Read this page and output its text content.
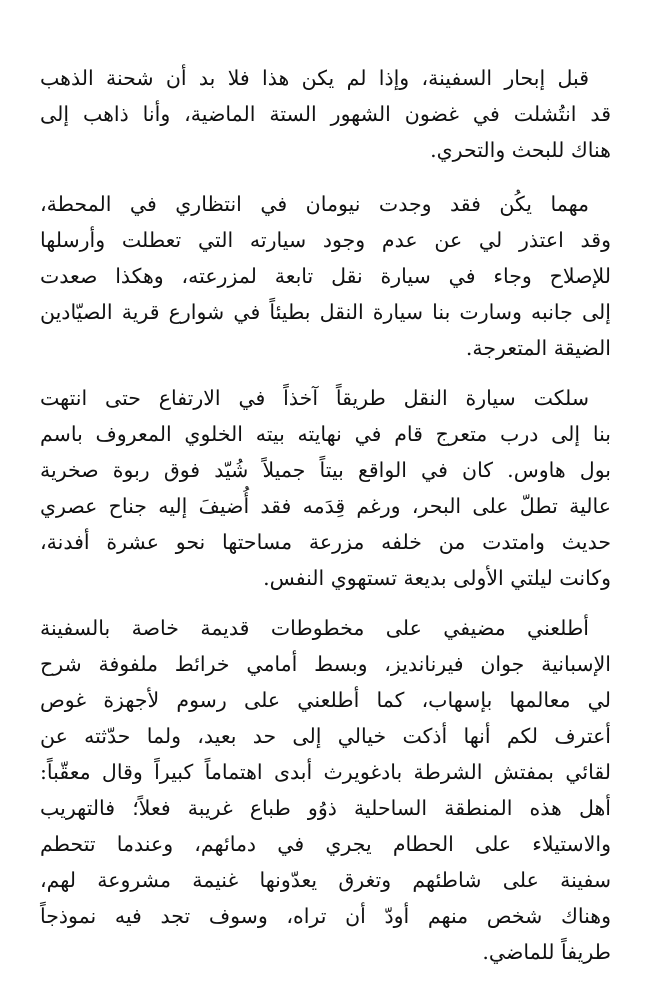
قبل إبحار السفينة، وإذا لم يكن هذا فلا بد أن شحنة الذهب
قد انتُشلت في غضون الشهور الستة الماضية، وأنا ذاهب إلى
هناك للبحث والتحري.

مهما يكُن فقد وجدت نيومان في انتظاري في المحطة،
وقد اعتذر لي عن عدم وجود سيارته التي تعطلت وأرسلها
للإصلاح وجاء في سيارة نقل تابعة لمزرعته، وهكذا صعدت
إلى جانبه وسارت بنا سيارة النقل بطيئاً في شوارع قرية الصيّادين
الضيقة المتعرجة.

سلكت سيارة النقل طريقاً آخذاً في الارتفاع حتى انتهت
بنا إلى درب متعرج قام في نهايته بيته الخلوي المعروف باسم
بول هاوس. كان في الواقع بيتاً جميلاً شُيّد فوق ربوة صخرية
عالية تطلّ على البحر، ورغم قِدَمه فقد أُضيفَ إليه جناح عصري
حديث وامتدت من خلفه مزرعة مساحتها نحو عشرة أفدنة،
وكانت ليلتي الأولى بديعة تستهوي النفس.

أطلعني مضيفي على مخطوطات قديمة خاصة بالسفينة
الإسبانية جوان فيرنانديز، وبسط أمامي خرائط ملفوفة شرح
لي معالمها بإسهاب، كما أطلعني على رسوم لأجهزة غوص
أعترف لكم أنها أذكت خيالي إلى حد بعيد، ولما حدّثته عن
لقائي بمفتش الشرطة بادغويرث أبدى اهتماماً كبيراً وقال معقّباً:
أهل هذه المنطقة الساحلية ذوُو طباع غريبة فعلاً؛ فالتهريب
والاستيلاء على الحطام يجري في دمائهم، وعندما تتحطم
سفينة على شاطئهم وتغرق يعدّونها غنيمة مشروعة لهم،
وهناك شخص منهم أودّ أن تراه، وسوف تجد فيه نموذجاً
طريفاً للماضي.
